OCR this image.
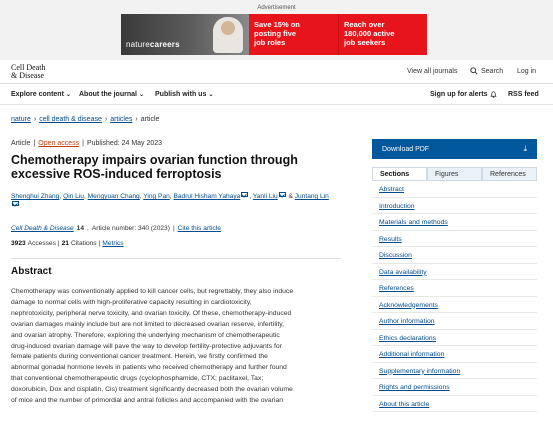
Advertisement
naturecareers
Save 15% on
posting five
job roles
Reach over
180,000 active
job seekers
Cell Death
& Disease	View all journals	Search Log in
Explore content ⌄ About the journal ⌄ Publish with us ⌄	Sign up for alerts	RSS feed
nature › cell death & disease › articles › article
Article | Open access | Published: 24 May 2023
Chemotherapy impairs ovarian function through excessive ROS-induced ferroptosis
Shenghui Zhang, Qin Liu, Mengyuan Chang, Ying Pan, Badrul Hisham Yahaya , Yanli Liu & Juntang Lin

Cell Death & Disease 14 , Article number: 340 (2023) | Cite this article
3923 Accesses | 21 Citations | Metrics
Abstract
Chemotherapy was conventionally applied to kill cancer cells, but regrettably, they also induce
damage to normal cells with high-proliferative capacity resulting in cardiotoxicity,
nephrotoxicity, peripheral nerve toxicity, and ovarian toxicity. Of these, chemotherapy-induced
ovarian damages mainly include but are not limited to decreased ovarian reserve, infertility,
and ovarian atrophy. Therefore, exploring the underlying mechanism of chemotherapeutic
drug-induced ovarian damage will pave the way to develop fertility-protective adjuvants for
female patients during conventional cancer treatment. Herein, we firstly confirmed the
abnormal gonadal hormone levels in patients who received chemotherapy and further found
that conventional chemotherapeutic drugs (cyclophosphamide, CTX; paclitaxel, Tax;
doxorubicin, Dox and cisplatin, Cis) treatment significantly decreased both the ovarian volume
of mice and the number of primordial and antral follicles and accompanied with the ovarian
Download PDF	⤓
Sections	Figures	References
Abstract
Introduction
Materials and methods
Results
Discussion
Data availability
References
Acknowledgements
Author information
Ethics declarations
Additional information
Supplementary information
Rights and permissions
About this article
